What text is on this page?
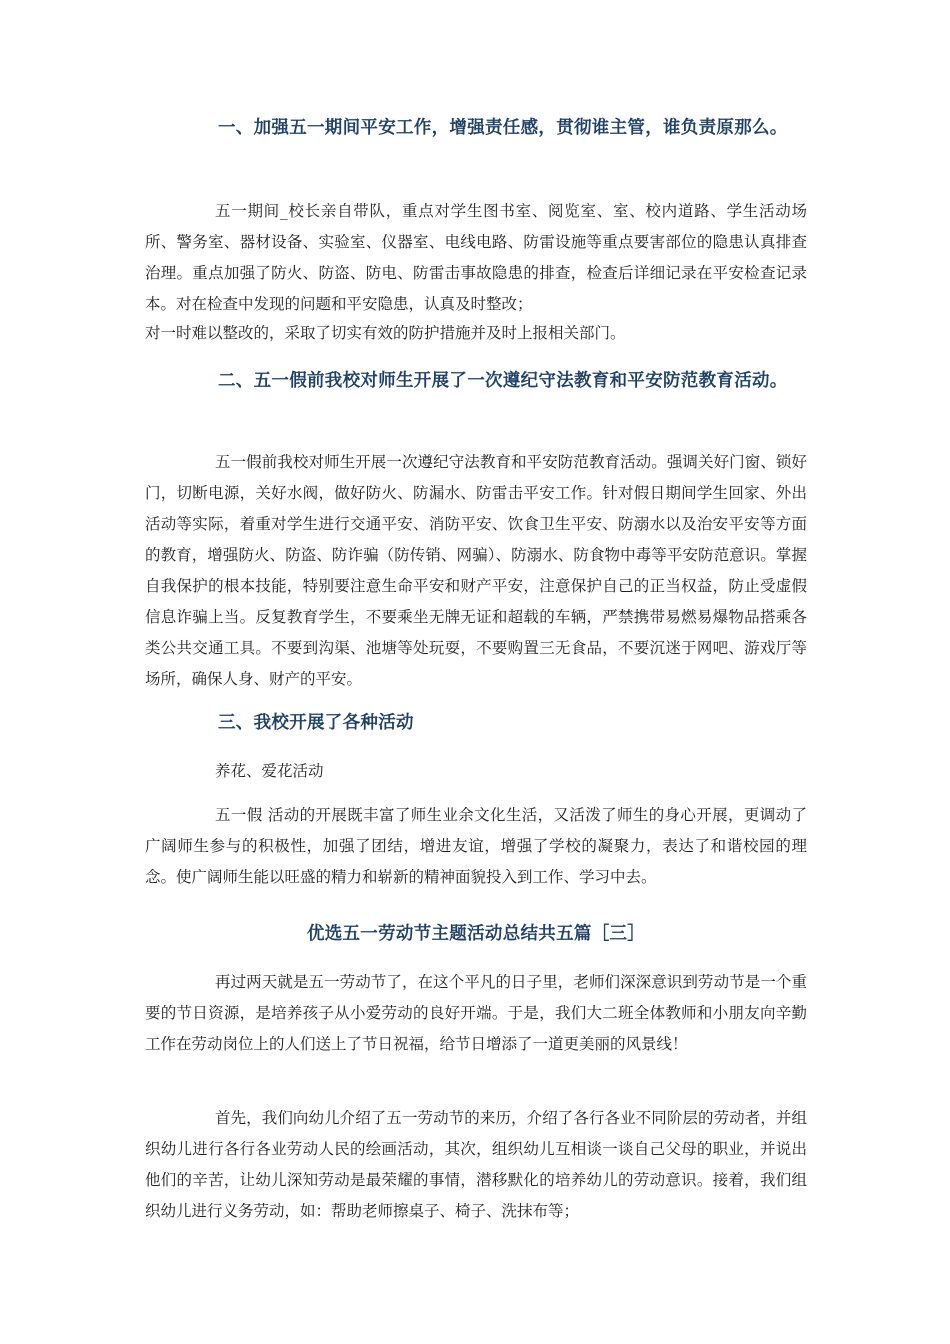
一、加强五一期间平安工作，增强责任感，贯彻谁主管，谁负责原那么。

五一期间_校长亲自带队，重点对学生图书室、阅览室、室、校内道路、学生活动场所、警务室、器材设备、实验室、仪器室、电线电路、防雷设施等重点要害部位的隐患认真排查治理。重点加强了防火、防盗、防电、防雷击事故隐患的排查，检查后详细记录在平安检查记录本。对在检查中发现的问题和平安隐患，认真及时整改；

对一时难以整改的，采取了切实有效的防护措施并及时上报相关部门。

二、五一假前我校对师生开展了一次遵纪守法教育和平安防范教育活动。

五一假前我校对师生开展一次遵纪守法教育和平安防范教育活动。强调关好门窗、锁好门，切断电源，关好水阀，做好防火、防漏水、防雷击平安工作。针对假日期间学生回家、外出活动等实际，着重对学生进行交通平安、消防平安、饮食卫生平安、防溺水以及治安平安等方面的教育，增强防火、防盗、防诈骗（防传销、网骗）、防溺水、防食物中毒等平安防范意识。掌握自我保护的根本技能，特别要注意生命平安和财产平安，注意保护自己的正当权益，防止受虚假信息诈骗上当。反复教育学生，不要乘坐无牌无证和超载的车辆，严禁携带易燃易爆物品搭乘各类公共交通工具。不要到沟渠、池塘等处玩耍，不要购置三无食品，不要沉迷于网吧、游戏厅等场所，确保人身、财产的平安。

三、我校开展了各种活动

养花、爱花活动

五一假 活动的开展既丰富了师生业余文化生活，又活泼了师生的身心开展，更调动了广阔师生参与的积极性，加强了团结，增进友谊，增强了学校的凝聚力，表达了和谐校园的理念。使广阔师生能以旺盛的精力和崭新的精神面貌投入到工作、学习中去。

优选五一劳动节主题活动总结共五篇［三］

再过两天就是五一劳动节了，在这个平凡的日子里，老师们深深意识到劳动节是一个重要的节日资源，是培养孩子从小爱劳动的良好开端。于是，我们大二班全体教师和小朋友向辛勤工作在劳动岗位上的人们送上了节日祝福，给节日增添了一道更美丽的风景线！

首先，我们向幼儿介绍了五一劳动节的来历，介绍了各行各业不同阶层的劳动者，并组织幼儿进行各行各业劳动人民的绘画活动，其次，组织幼儿互相谈一谈自己父母的职业，并说出他们的辛苦，让幼儿深知劳动是最荣耀的事情，潜移默化的培养幼儿的劳动意识。接着，我们组织幼儿进行义务劳动，如：帮助老师擦桌子、椅子、洗抹布等；
